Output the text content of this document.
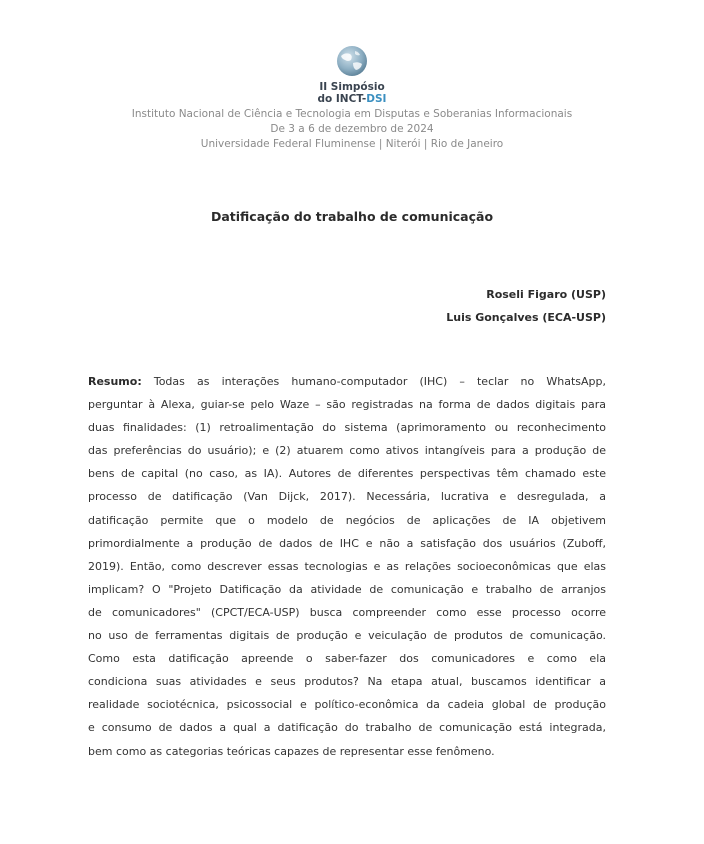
II Simpósio
do INCT-DSI
Instituto Nacional de Ciência e Tecnologia em Disputas e Soberanias Informacionais
De 3 a 6 de dezembro de 2024
Universidade Federal Fluminense | Niterói | Rio de Janeiro
Datificação do trabalho de comunicação
Roseli Figaro (USP)
Luis Gonçalves (ECA-USP)
Resumo: Todas as interações humano-computador (IHC) – teclar no WhatsApp,
perguntar à Alexa, guiar-se pelo Waze – são registradas na forma de dados digitais para
duas finalidades: (1) retroalimentação do sistema (aprimoramento ou reconhecimento
das preferências do usuário); e (2) atuarem como ativos intangíveis para a produção de
bens de capital (no caso, as IA). Autores de diferentes perspectivas têm chamado este
processo de datificação (Van Dijck, 2017). Necessária, lucrativa e desregulada, a
datificação permite que o modelo de negócios de aplicações de IA objetivem
primordialmente a produção de dados de IHC e não a satisfação dos usuários (Zuboff,
2019). Então, como descrever essas tecnologias e as relações socioeconômicas que elas
implicam? O "Projeto Datificação da atividade de comunicação e trabalho de arranjos
de comunicadores" (CPCT/ECA-USP) busca compreender como esse processo ocorre
no uso de ferramentas digitais de produção e veiculação de produtos de comunicação.
Como esta datificação apreende o saber-fazer dos comunicadores e como ela
condiciona suas atividades e seus produtos? Na etapa atual, buscamos identificar a
realidade sociotécnica, psicossocial e político-econômica da cadeia global de produção
e consumo de dados a qual a datificação do trabalho de comunicação está integrada,
bem como as categorias teóricas capazes de representar esse fenômeno.
